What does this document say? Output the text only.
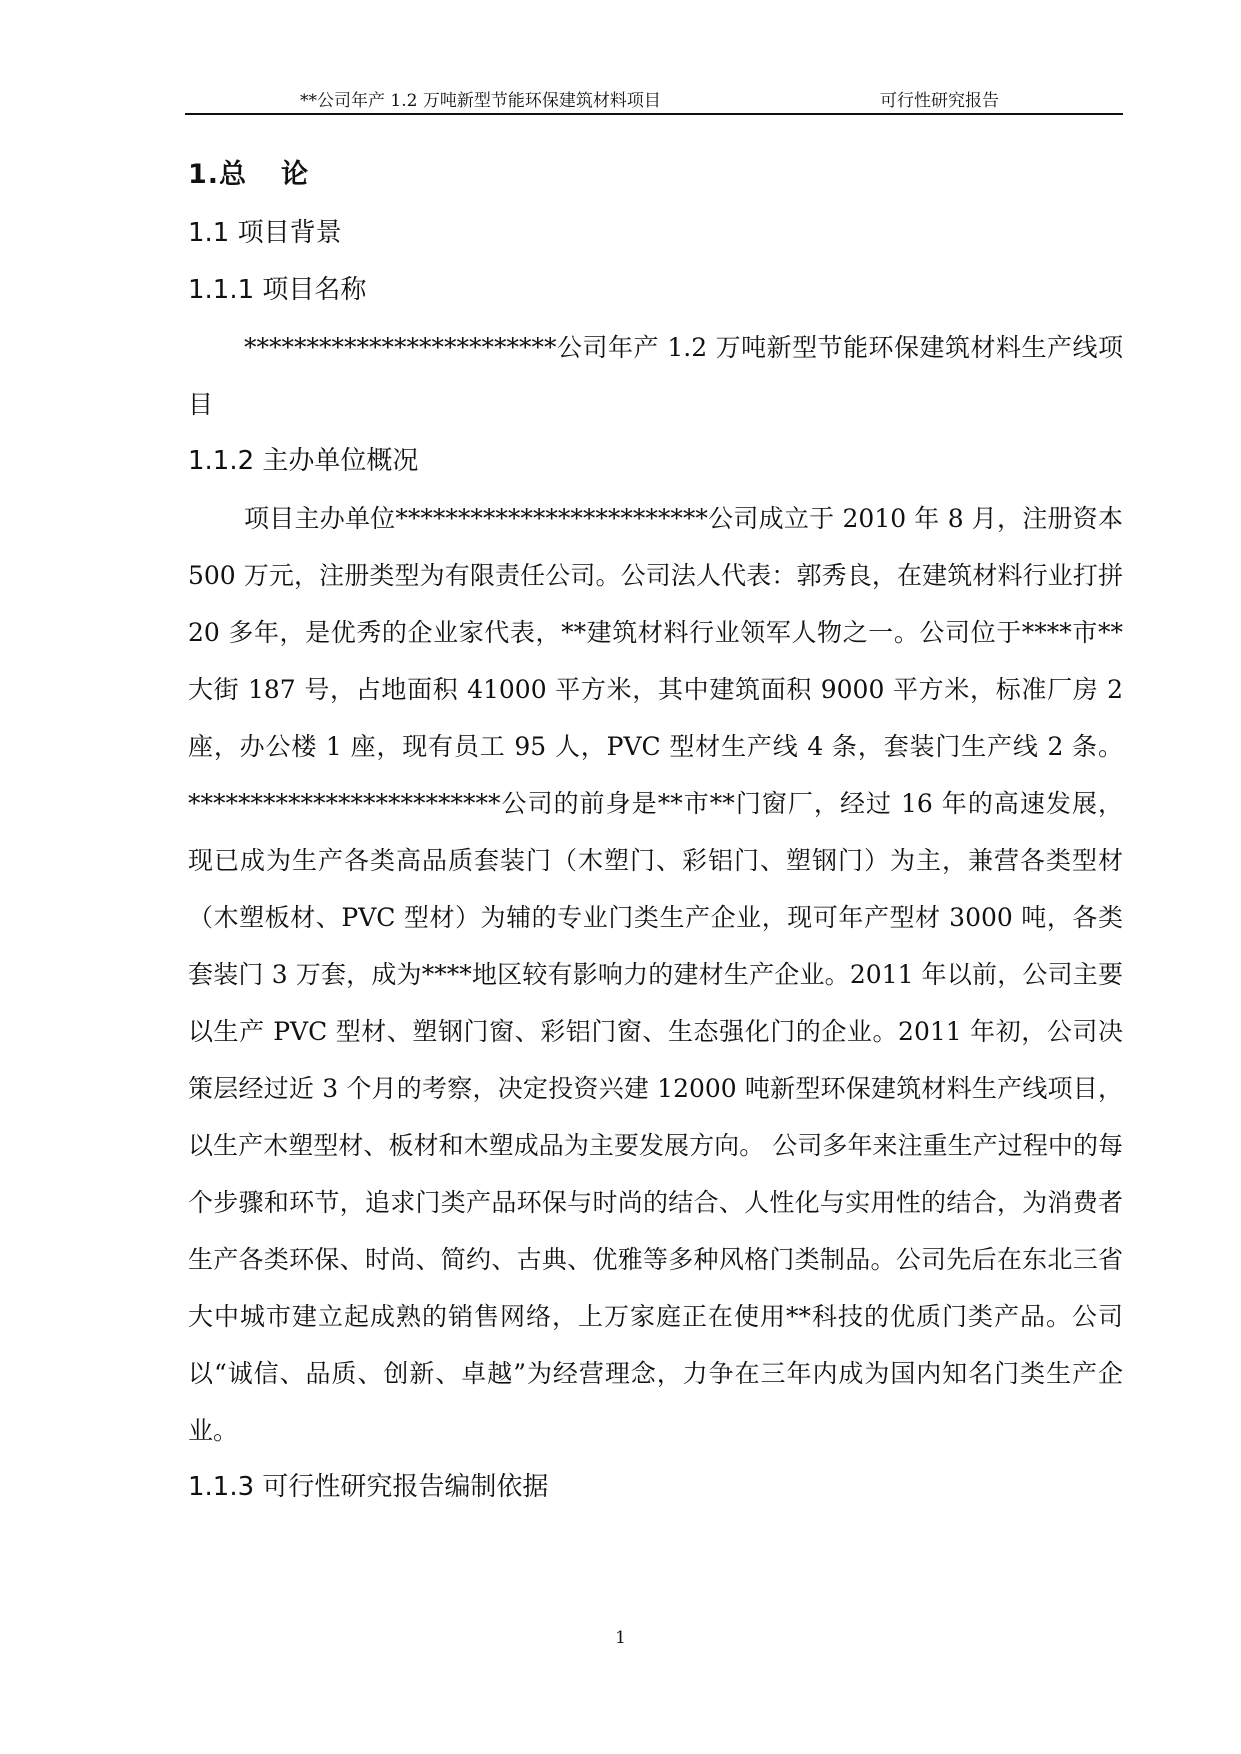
**公司年产 1.2 万吨新型节能环保建筑材料项目	可行性研究报告
1.总 论
1.1 项目背景
1.1.1 项目名称

*************************公司年产 1.2 万吨新型节能环保建筑材料生产线项目

1.1.2 主办单位概况

项目主办单位*************************公司成立于 2010 年 8 月，注册资本 500 万元，注册类型为有限责任公司。公司法人代表：郭秀良，在建筑材料行业打拼 20 多年，是优秀的企业家代表，**建筑材料行业领军人物之一。公司位于****市**大街 187 号，占地面积 41000 平方米，其中建筑面积 9000 平方米，标准厂房 2 座，办公楼 1 座，现有员工 95 人，PVC 型材生产线 4 条，套装门生产线 2 条。*************************公司的前身是**市**门窗厂，经过 16 年的高速发展，现已成为生产各类高品质套装门（木塑门、彩铝门、塑钢门）为主，兼营各类型材（木塑板材、PVC 型材）为辅的专业门类生产企业，现可年产型材 3000 吨，各类套装门 3 万套，成为****地区较有影响力的建材生产企业。2011 年以前，公司主要以生产 PVC 型材、塑钢门窗、彩铝门窗、生态强化门的企业。2011 年初，公司决策层经过近 3 个月的考察，决定投资兴建 12000 吨新型环保建筑材料生产线项目，以生产木塑型材、板材和木塑成品为主要发展方向。 公司多年来注重生产过程中的每个步骤和环节，追求门类产品环保与时尚的结合、人性化与实用性的结合，为消费者生产各类环保、时尚、简约、古典、优雅等多种风格门类制品。公司先后在东北三省大中城市建立起成熟的销售网络，上万家庭正在使用**科技的优质门类产品。公司以“诚信、品质、创新、卓越”为经营理念，力争在三年内成为国内知名门类生产企业。

1.1.3 可行性研究报告编制依据
1
